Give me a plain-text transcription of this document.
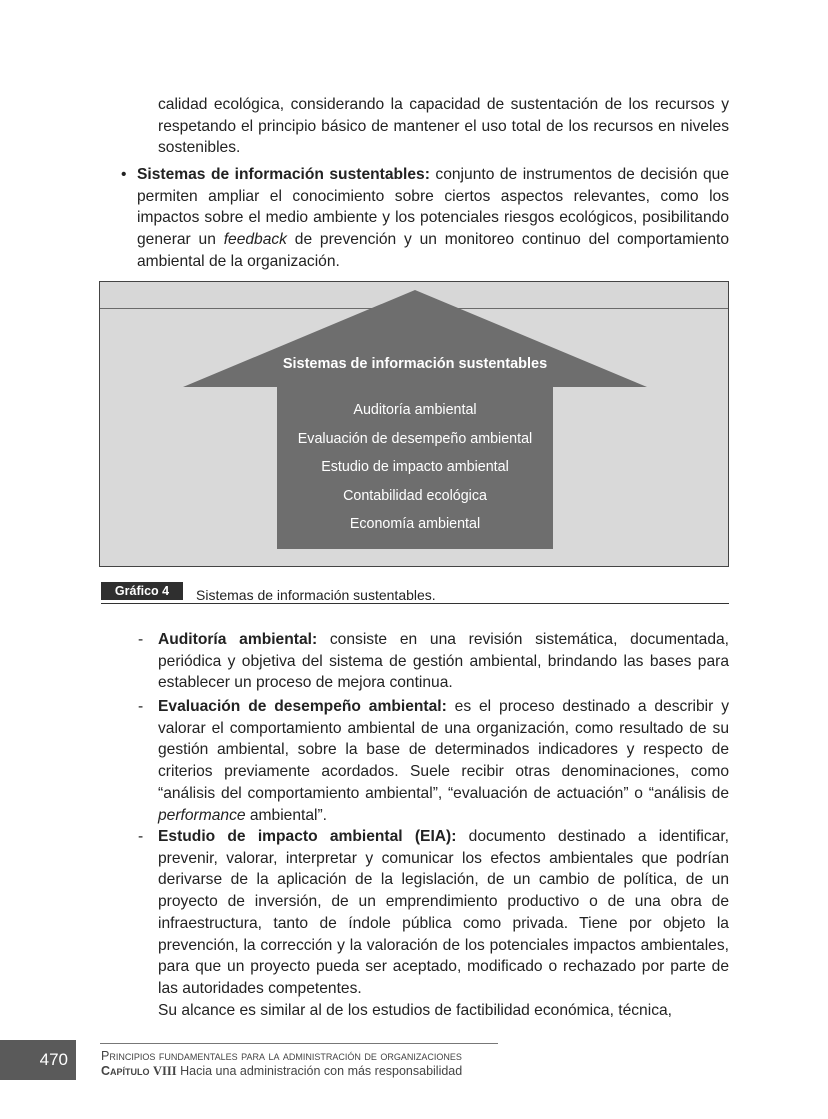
calidad ecológica, considerando la capacidad de sustentación de los recursos y respetando el principio básico de mantener el uso total de los recursos en niveles sostenibles.

• Sistemas de información sustentables: conjunto de instrumentos de decisión que permiten ampliar el conocimiento sobre ciertos aspectos relevantes, como los impactos sobre el medio ambiente y los potenciales riesgos ecológicos, posibilitando generar un feedback de prevención y un monitoreo continuo del comportamiento ambiental de la organización.

Sistemas de información sustentables
Auditoría ambiental
Evaluación de desempeño ambiental
Estudio de impacto ambiental
Contabilidad ecológica
Economía ambiental
Gráfico 4	Sistemas de información sustentables.
- Auditoría ambiental: consiste en una revisión sistemática, documentada, periódica y objetiva del sistema de gestión ambiental, brindando las bases para establecer un proceso de mejora continua.

- Evaluación de desempeño ambiental: es el proceso destinado a describir y valorar el comportamiento ambiental de una organización, como resultado de su gestión ambiental, sobre la base de determinados indicadores y respecto de criterios previamente acordados. Suele recibir otras denominaciones, como “análisis del comportamiento ambiental”, “evaluación de actuación” o “análisis de performance ambiental”.

- Estudio de impacto ambiental (EIA): documento destinado a identificar, prevenir, valorar, interpretar y comunicar los efectos ambientales que podrían derivarse de la aplicación de la legislación, de un cambio de política, de un proyecto de inversión, de un emprendimiento productivo o de una obra de infraestructura, tanto de índole pública como privada. Tiene por objeto la prevención, la corrección y la valoración de los potenciales impactos ambientales, para que un proyecto pueda ser aceptado, modificado o rechazado por parte de las autoridades competentes.

Su alcance es similar al de los estudios de factibilidad económica, técnica,

470	Principios fundamentales para la administración de organizaciones
Capítulo VIII Hacia una administración con más responsabilidad
